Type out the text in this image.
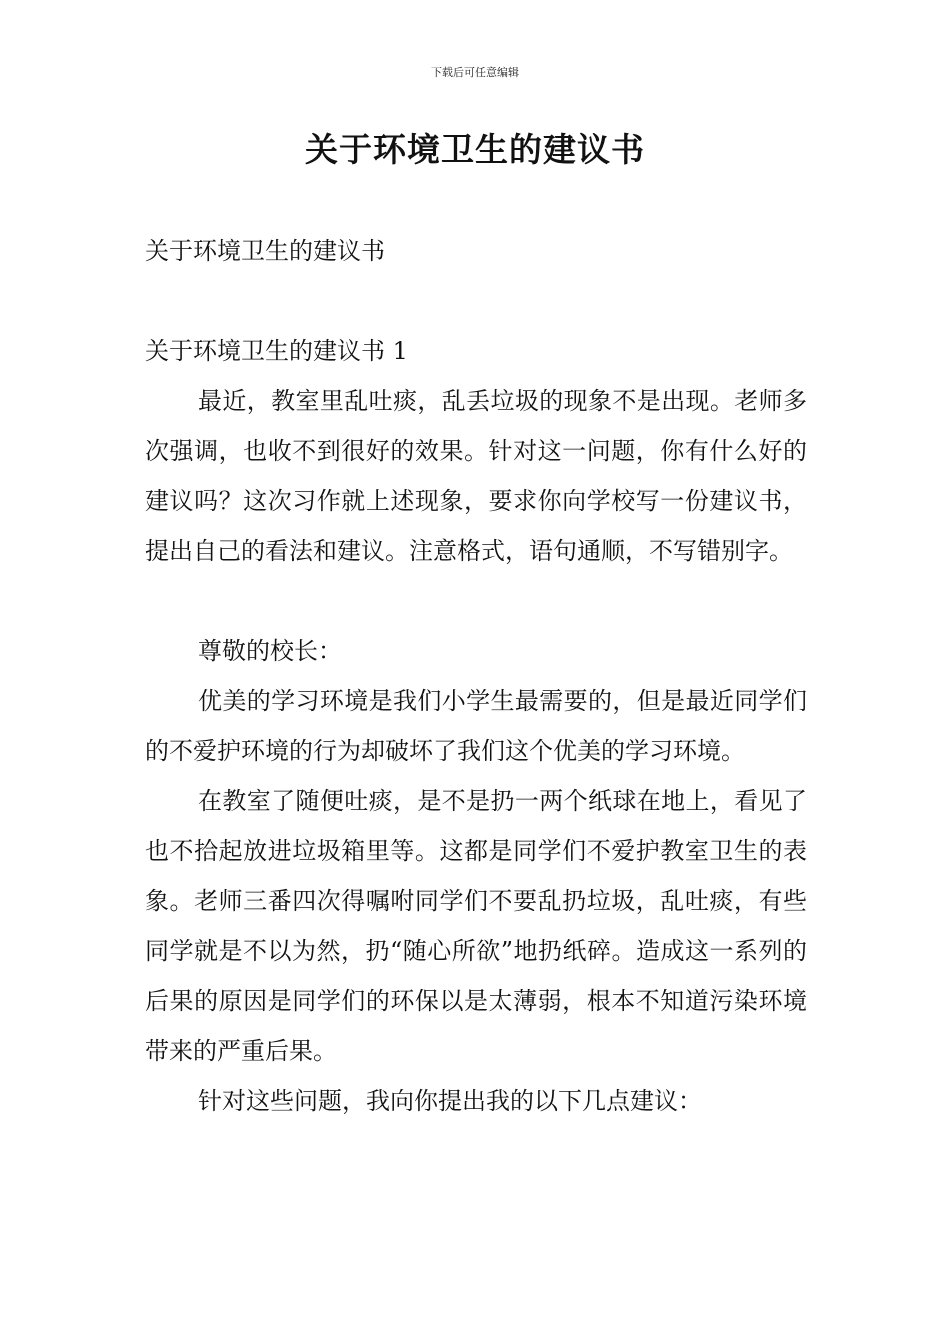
下载后可任意编辑
关于环境卫生的建议书

关于环境卫生的建议书

关于环境卫生的建议书 1

最近，教室里乱吐痰，乱丢垃圾的现象不是出现。老师多次强调，也收不到很好的效果。针对这一问题，你有什么好的建议吗？这次习作就上述现象，要求你向学校写一份建议书，提出自己的看法和建议。注意格式，语句通顺，不写错别字。

尊敬的校长：

优美的学习环境是我们小学生最需要的，但是最近同学们的不爱护环境的行为却破坏了我们这个优美的学习环境。

在教室了随便吐痰，是不是扔一两个纸球在地上，看见了也不拾起放进垃圾箱里等。这都是同学们不爱护教室卫生的表象。老师三番四次得嘱咐同学们不要乱扔垃圾，乱吐痰，有些同学就是不以为然，扔“随心所欲”地扔纸碎。造成这一系列的后果的原因是同学们的环保以是太薄弱，根本不知道污染环境带来的严重后果。

针对这些问题，我向你提出我的以下几点建议：
